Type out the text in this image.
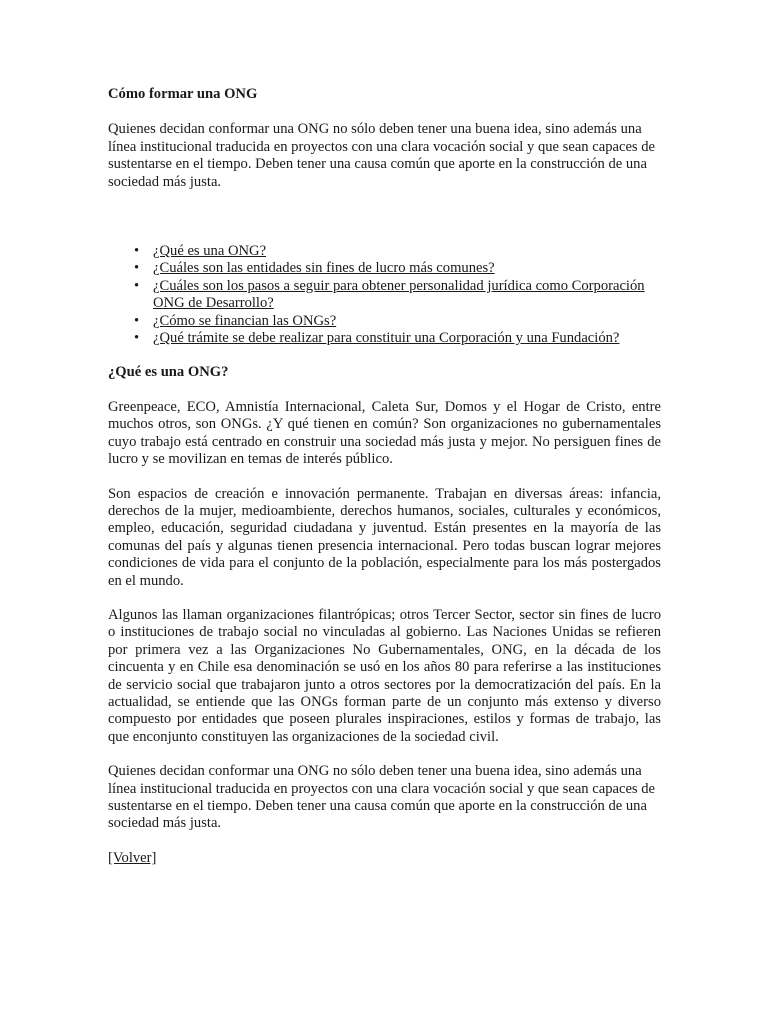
Cómo formar una ONG

Quienes decidan conformar una ONG no sólo deben tener una buena idea, sino además una línea institucional traducida en proyectos con una clara vocación social y que sean capaces de sustentarse en el tiempo. Deben tener una causa común que aporte en la construcción de una sociedad más justa.

• ¿Qué es una ONG?
• ¿Cuáles son las entidades sin fines de lucro más comunes?
• ¿Cuáles son los pasos a seguir para obtener personalidad jurídica como Corporación ONG de Desarrollo?
• ¿Cómo se financian las ONGs?
• ¿Qué trámite se debe realizar para constituir una Corporación y una Fundación?

¿Qué es una ONG?

Greenpeace, ECO, Amnistía Internacional, Caleta Sur, Domos y el Hogar de Cristo, entre muchos otros, son ONGs. ¿Y qué tienen en común? Son organizaciones no gubernamentales cuyo trabajo está centrado en construir una sociedad más justa y mejor. No persiguen fines de lucro y se movilizan en temas de interés público.

Son espacios de creación e innovación permanente. Trabajan en diversas áreas: infancia, derechos de la mujer, medioambiente, derechos humanos, sociales, culturales y económicos, empleo, educación, seguridad ciudadana y juventud. Están presentes en la mayoría de las comunas del país y algunas tienen presencia internacional. Pero todas buscan lograr mejores condiciones de vida para el conjunto de la población, especialmente para los más postergados en el mundo.

Algunos las llaman organizaciones filantrópicas; otros Tercer Sector, sector sin fines de lucro o instituciones de trabajo social no vinculadas al gobierno. Las Naciones Unidas se refieren por primera vez a las Organizaciones No Gubernamentales, ONG, en la década de los cincuenta y en Chile esa denominación se usó en los años 80 para referirse a las instituciones de servicio social que trabajaron junto a otros sectores por la democratización del país. En la actualidad, se entiende que las ONGs forman parte de un conjunto más extenso y diverso compuesto por entidades que poseen plurales inspiraciones, estilos y formas de trabajo, las que enconjunto constituyen las organizaciones de la sociedad civil.

Quienes decidan conformar una ONG no sólo deben tener una buena idea, sino además una línea institucional traducida en proyectos con una clara vocación social y que sean capaces de sustentarse en el tiempo. Deben tener una causa común que aporte en la construcción de una sociedad más justa.

[Volver]
